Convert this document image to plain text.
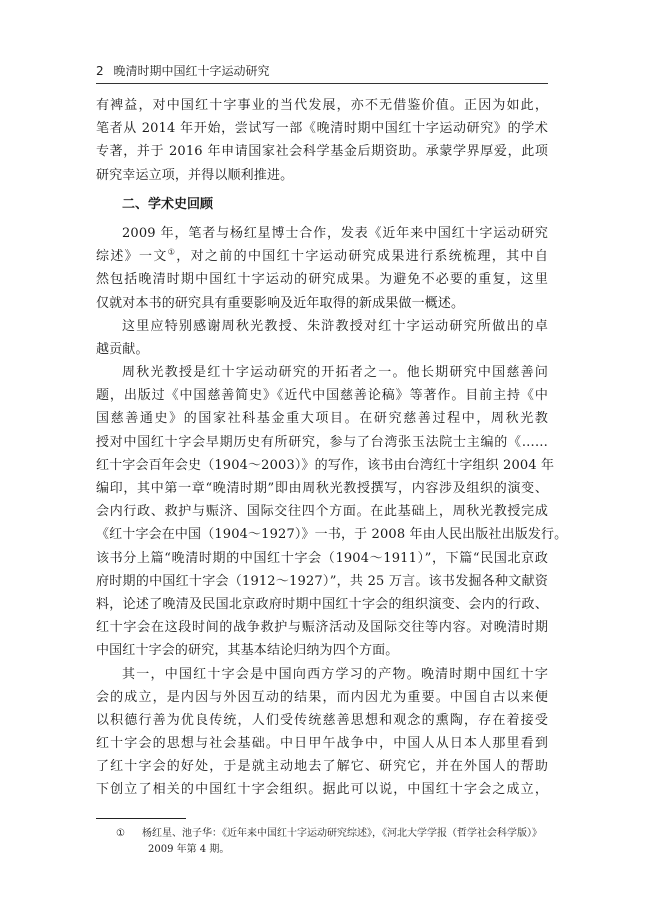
2 晚清时期中国红十字运动研究
有裨益，对中国红十字事业的当代发展，亦不无借鉴价值。正因为如此，
笔者从 2014 年开始，尝试写一部《晚清时期中国红十字运动研究》的学术
专著，并于 2016 年申请国家社会科学基金后期资助。承蒙学界厚爱，此项
研究幸运立项，并得以顺利推进。
二、学术史回顾
2009 年，笔者与杨红星博士合作，发表《近年来中国红十字运动研究
综述》一文①，对之前的中国红十字运动研究成果进行系统梳理，其中自
然包括晚清时期中国红十字运动的研究成果。为避免不必要的重复，这里
仅就对本书的研究具有重要影响及近年取得的新成果做一概述。
这里应特别感谢周秋光教授、朱浒教授对红十字运动研究所做出的卓
越贡献。
周秋光教授是红十字运动研究的开拓者之一。他长期研究中国慈善问
题，出版过《中国慈善简史》《近代中国慈善论稿》等著作。目前主持《中
国慈善通史》的国家社科基金重大项目。在研究慈善过程中，周秋光教
授对中国红十字会早期历史有所研究，参与了台湾张玉法院士主编的《……
红十字会百年会史（1904～2003）》的写作，该书由台湾红十字组织 2004 年
编印，其中第一章“晚清时期”即由周秋光教授撰写，内容涉及组织的演变、
会内行政、救护与赈济、国际交往四个方面。在此基础上，周秋光教授完成
《红十字会在中国（1904～1927）》一书，于 2008 年由人民出版社出版发行。
该书分上篇“晚清时期的中国红十字会（1904～1911）”，下篇“民国北京政
府时期的中国红十字会（1912～1927）”，共 25 万言。该书发掘各种文献资
料，论述了晚清及民国北京政府时期中国红十字会的组织演变、会内的行政、
红十字会在这段时间的战争救护与赈济活动及国际交往等内容。对晚清时期
中国红十字会的研究，其基本结论归纳为四个方面。
其一，中国红十字会是中国向西方学习的产物。晚清时期中国红十字
会的成立，是内因与外因互动的结果，而内因尤为重要。中国自古以来便
以积德行善为优良传统，人们受传统慈善思想和观念的熏陶，存在着接受
红十字会的思想与社会基础。中日甲午战争中，中国人从日本人那里看到
了红十字会的好处，于是就主动地去了解它、研究它，并在外国人的帮助
下创立了相关的中国红十字会组织。据此可以说，中国红十字会之成立，
① 杨红星、池子华：《近年来中国红十字运动研究综述》，《河北大学学报（哲学社会科学版）》
2009 年第 4 期。
